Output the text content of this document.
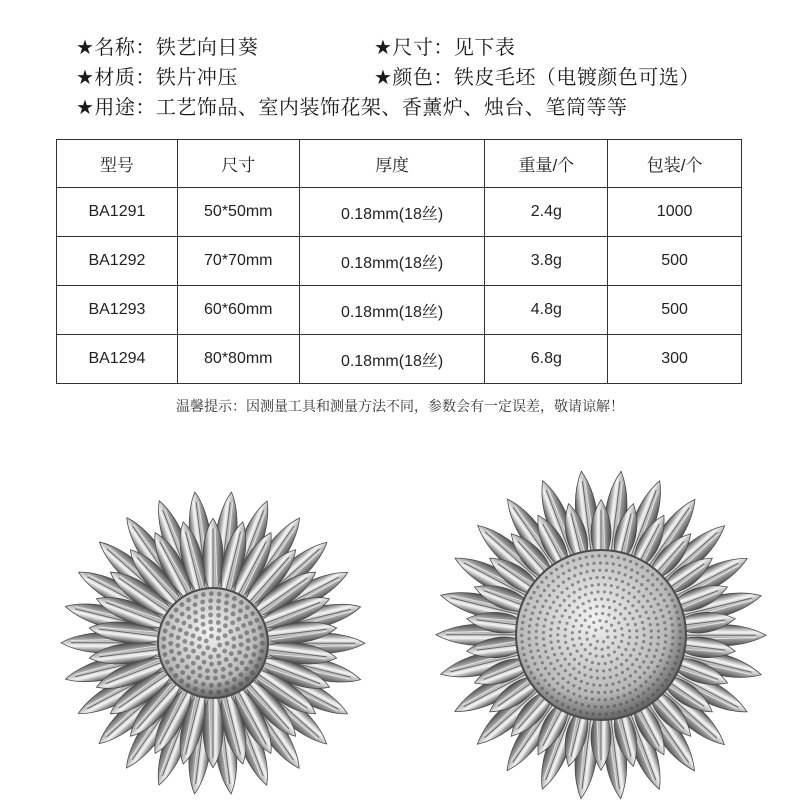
★名称：铁艺向日葵	★尺寸：见下表
★材质：铁片冲压	★颜色：铁皮毛坯（电镀颜色可选）
★用途：工艺饰品、室内装饰花架、香薰炉、烛台、笔筒等等
型号	尺寸	厚度	重量/个	包装/个
BA1291	50*50mm	0.18mm(18丝)	2.4g	1000
BA1292	70*70mm	0.18mm(18丝)	3.8g	500
BA1293	60*60mm	0.18mm(18丝)	4.8g	500
BA1294	80*80mm	0.18mm(18丝)	6.8g	300
温馨提示：因测量工具和测量方法不同，参数会有一定误差，敬请谅解！
